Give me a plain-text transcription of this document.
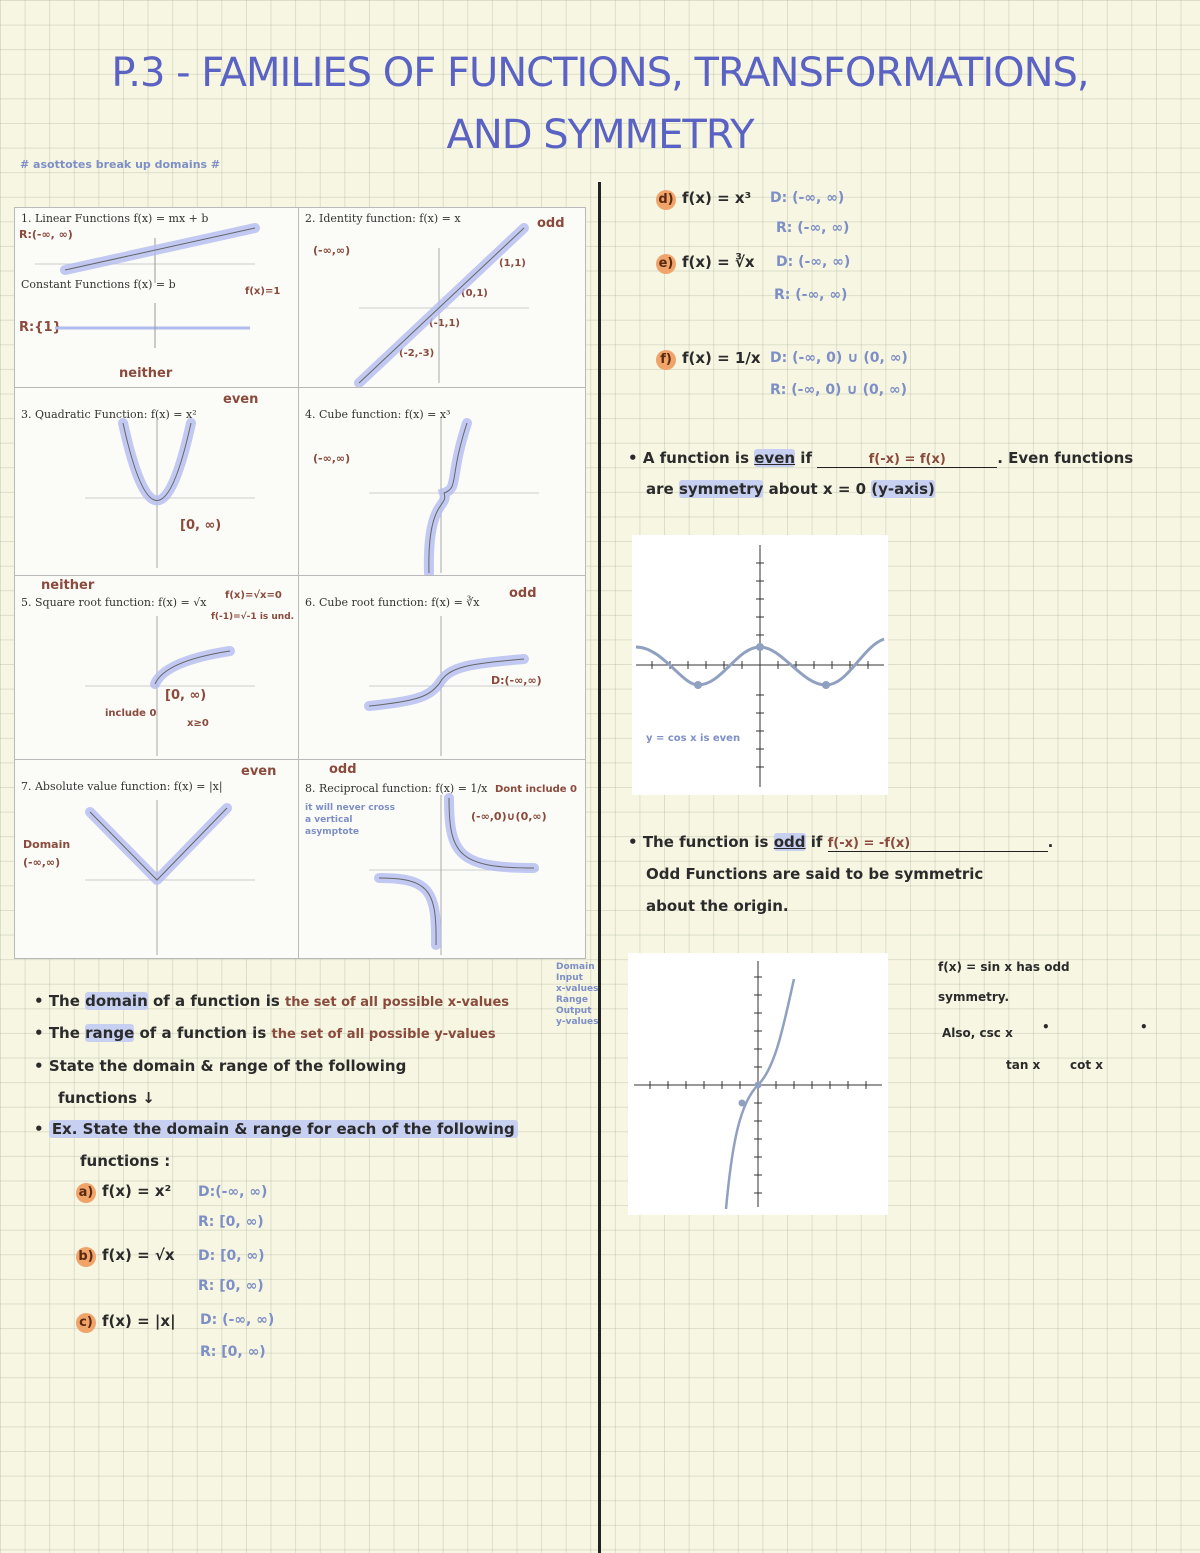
P.3 - FAMILIES OF FUNCTIONS, TRANSFORMATIONS,
AND SYMMETRY
# asottotes break up domains #
1. Linear Functions f(x) = mx + b
R:(-∞, ∞)
Constant Functions f(x) = b
f(x)=1
R:{1}
neither
2. Identity function: f(x) = x	odd
(-∞,∞)
(1,1)
(0,1)
(-1,1)
(-2,-3)
3. Quadratic Function: f(x) = x²
even
[0, ∞)
4. Cube function: f(x) = x³
(-∞,∞)
neither
5. Square root function: f(x) = √x
f(x)=√x=0
f(-1)=√-1 is und.
[0, ∞)
include 0
x≥0
6. Cube root function: f(x) = ∛x
odd
D:(-∞,∞)
7. Absolute value function: f(x) = |x|
even
Domain
(-∞,∞)
odd
8. Reciprocal function: f(x) = 1/x
it will never cross a vertical asymptote
Dont include 0
(-∞,0)∪(0,∞)
• The domain of a function is the set of all possible x-values
• The range of a function is the set of all possible y-values
Domain
Input
x-values
Range
Output
y-values
• State the domain & range of the following
functions ↓
• Ex. State the domain & range for each of the following
functions :
a) f(x) = x² D:(-∞, ∞)
R: [0, ∞)
b) f(x) = √x D: [0, ∞)
R: [0, ∞)
c) f(x) = |x| D: (-∞, ∞)
R: [0, ∞)
d) f(x) = x³ D: (-∞, ∞)
R: (-∞, ∞)
e) f(x) = ∛x D: (-∞, ∞)
R: (-∞, ∞)
f) f(x) = 1/x D: (-∞, 0) ∪ (0, ∞)
R: (-∞, 0) ∪ (0, ∞)
• A function is even if	f(-x) = f(x)	. Even functions
are symmetry about x = 0 (y-axis)
y = cos x is even
• The function is odd if f(-x) = -f(x)	.
Odd Functions are said to be symmetric
about the origin.
f(x) = sin x has odd
symmetry.
Also, csc x •	•
tan x cot x
